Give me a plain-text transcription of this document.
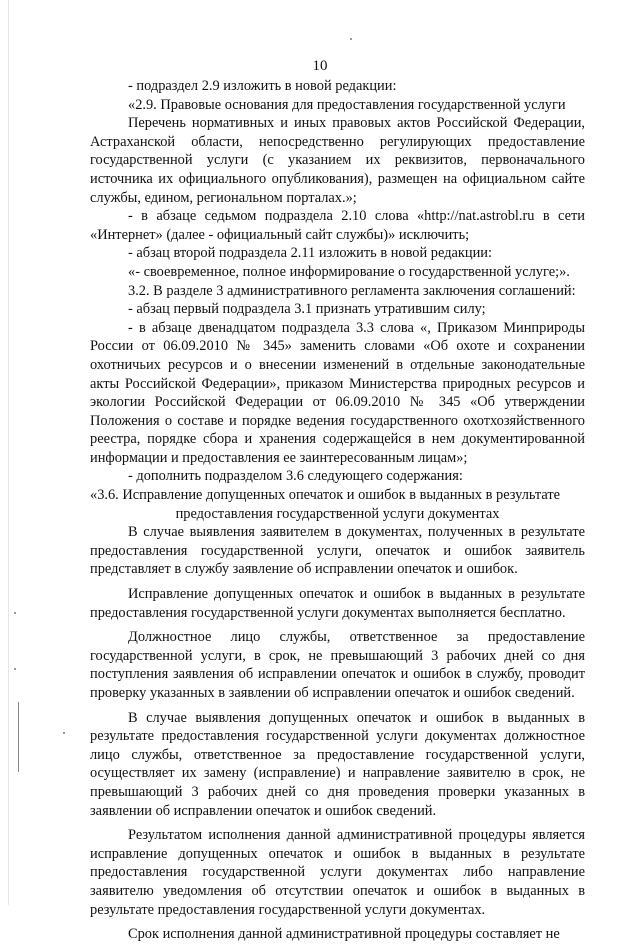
10

- подраздел 2.9 изложить в новой редакции:

«2.9. Правовые основания для предоставления государственной услуги

Перечень нормативных и иных правовых актов Российской Федерации, Астраханской области, непосредственно регулирующих предоставление государственной услуги (с указанием их реквизитов, первоначального источника их официального опубликования), размещен на официальном сайте службы, едином, региональном порталах.»;

- в абзаце седьмом подраздела 2.10 слова «http://nat.astrobl.ru в сети «Интернет» (далее - официальный сайт службы)» исключить;

- абзац второй подраздела 2.11 изложить в новой редакции:

«- своевременное, полное информирование о государственной услуге;».

3.2. В разделе 3 административного регламента заключения соглашений:

- абзац первый подраздела 3.1 признать утратившим силу;

- в абзаце двенадцатом подраздела 3.3 слова «, Приказом Минприроды России от 06.09.2010 № 345» заменить словами «Об охоте и сохранении охотничьих ресурсов и о внесении изменений в отдельные законодательные акты Российской Федерации», приказом Министерства природных ресурсов и экологии Российской Федерации от 06.09.2010 № 345 «Об утверждении Положения о составе и порядке ведения государственного охотхозяйственного реестра, порядке сбора и хранения содержащейся в нем документированной информации и предоставления ее заинтересованным лицам»;

- дополнить подразделом 3.6 следующего содержания:

«3.6. Исправление допущенных опечаток и ошибок в выданных в результате
предоставления государственной услуги документах

В случае выявления заявителем в документах, полученных в результате предоставления государственной услуги, опечаток и ошибок заявитель представляет в службу заявление об исправлении опечаток и ошибок.

Исправление допущенных опечаток и ошибок в выданных в результате предоставления государственной услуги документах выполняется бесплатно.

Должностное лицо службы, ответственное за предоставление государственной услуги, в срок, не превышающий 3 рабочих дней со дня поступления заявления об исправлении опечаток и ошибок в службу, проводит проверку указанных в заявлении об исправлении опечаток и ошибок сведений.

В случае выявления допущенных опечаток и ошибок в выданных в результате предоставления государственной услуги документах должностное лицо службы, ответственное за предоставление государственной услуги, осуществляет их замену (исправление) и направление заявителю в срок, не превышающий 3 рабочих дней со дня проведения проверки указанных в заявлении об исправлении опечаток и ошибок сведений.

Результатом исполнения данной административной процедуры является исправление допущенных опечаток и ошибок в выданных в результате предоставления государственной услуги документах либо направление заявителю уведомления об отсутствии опечаток и ошибок в выданных в результате предоставления государственной услуги документах.

Срок исполнения данной административной процедуры составляет не
